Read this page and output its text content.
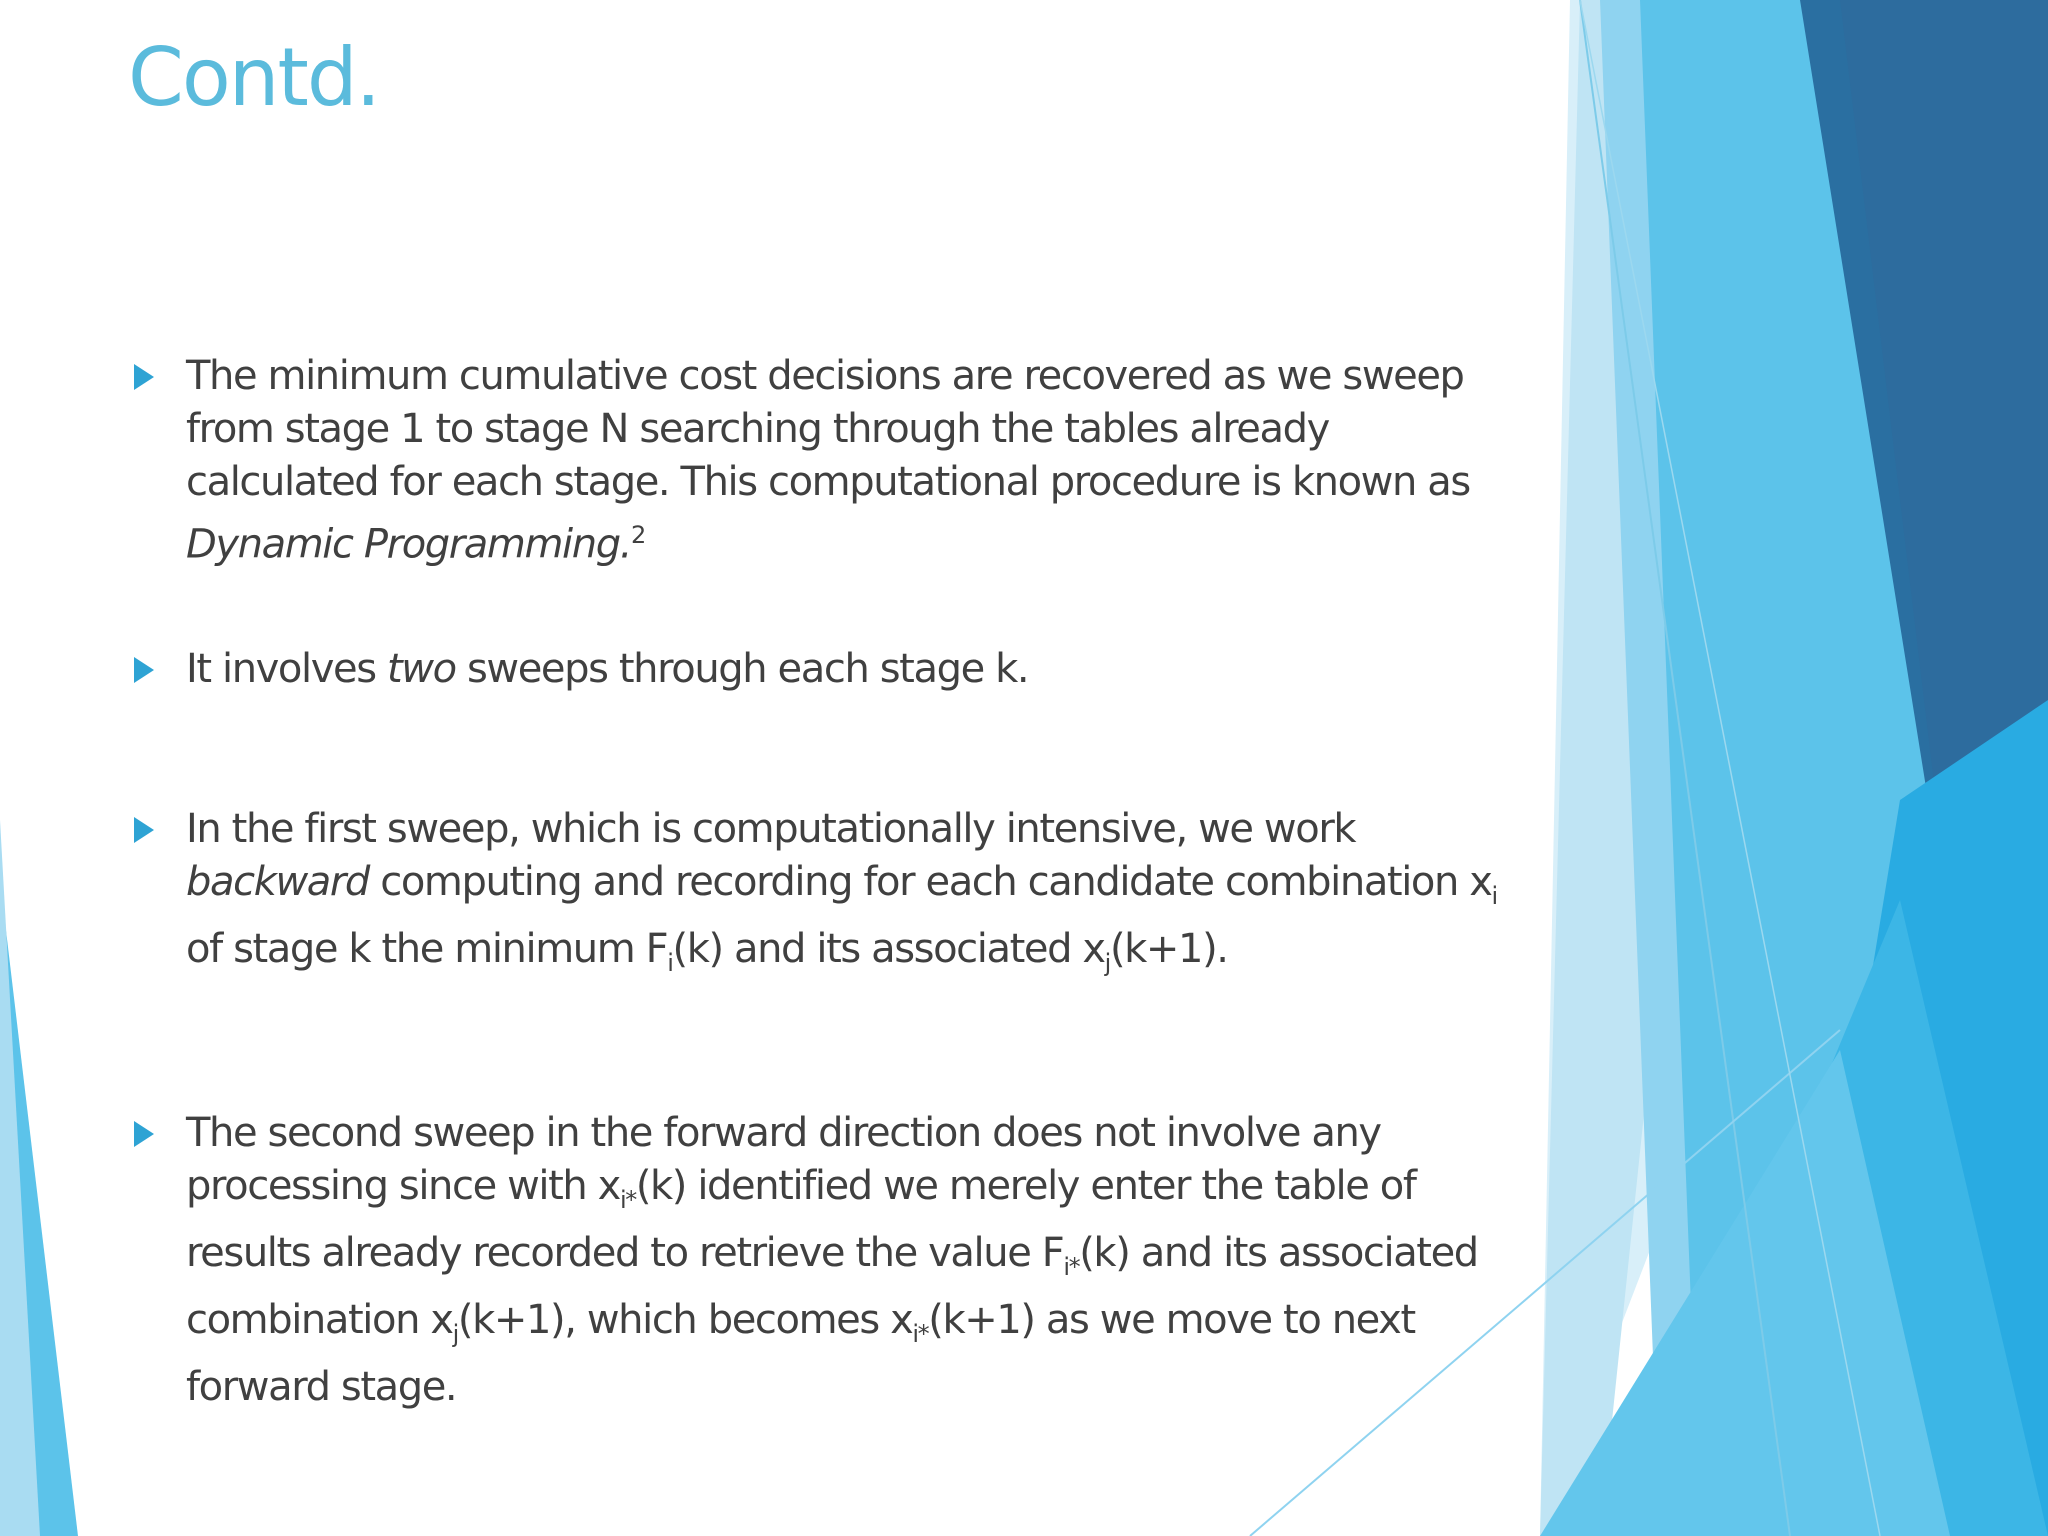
Contd.
The minimum cumulative cost decisions are recovered as we sweep from stage 1 to stage N searching through the tables already calculated for each stage. This computational procedure is known as Dynamic Programming.$^2$
It involves two sweeps through each stage k.
In the first sweep, which is computationally intensive, we work backward computing and recording for each candidate combination $x_i$ of stage k the minimum $F_i(k)$ and its associated $x_j(k+1)$.
The second sweep in the forward direction does not involve any processing since with $x_{i*}(k)$ identified we merely enter the table of results already recorded to retrieve the value $F_{i*}(k)$ and its associated combination $x_j(k+1)$, which becomes $x_{i*}(k+1)$ as we move to next forward stage.
